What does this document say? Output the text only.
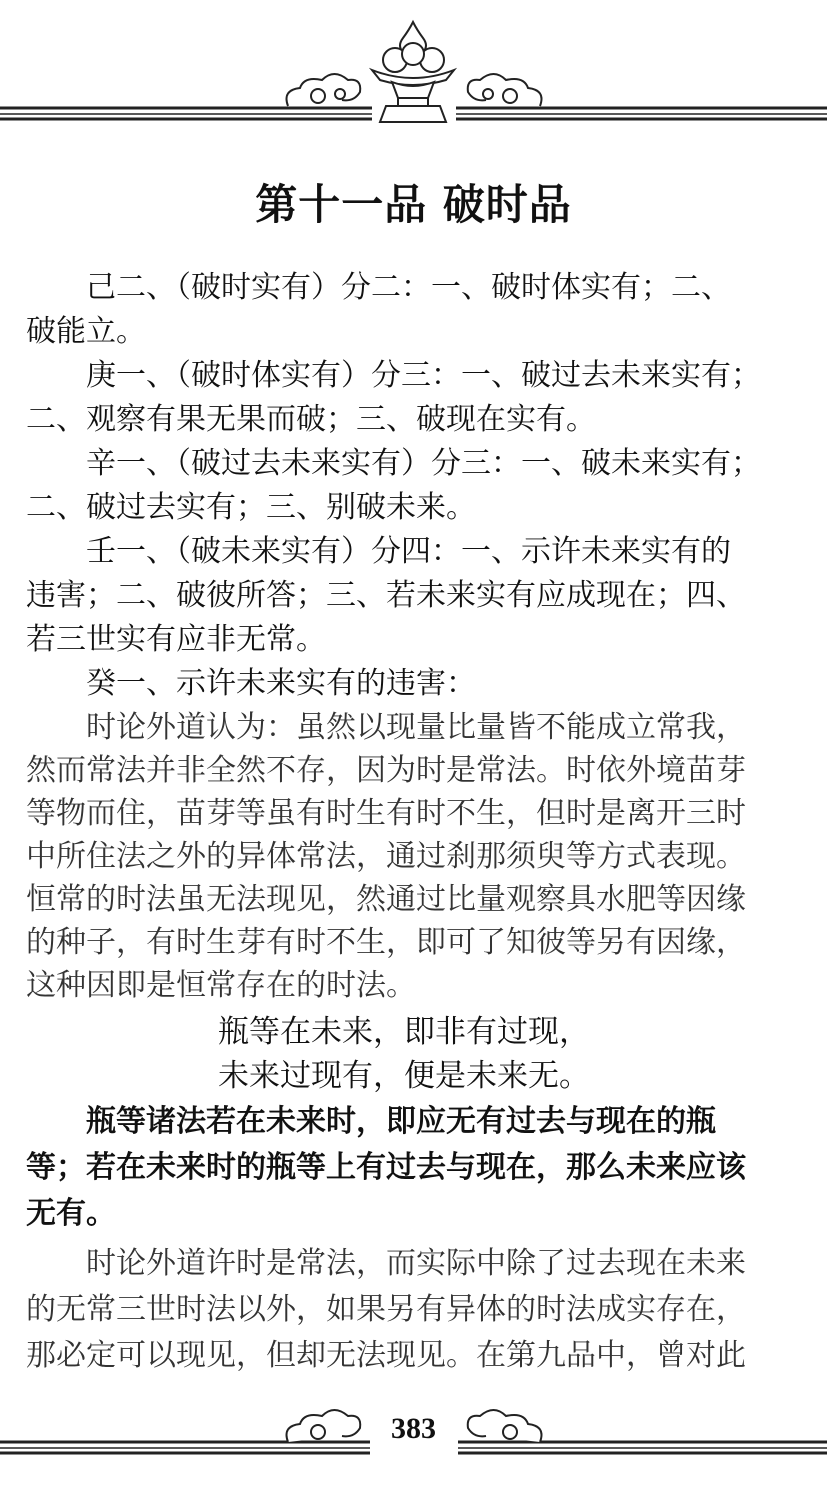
第十一品 破时品
　　己二、（破时实有）分二：一、破时体实有；二、
破能立。
　　庚一、（破时体实有）分三：一、破过去未来实有；
二、观察有果无果而破；三、破现在实有。
　　辛一、（破过去未来实有）分三：一、破未来实有；
二、破过去实有；三、别破未来。
　　壬一、（破未来实有）分四：一、示许未来实有的
违害；二、破彼所答；三、若未来实有应成现在；四、
若三世实有应非无常。
　　癸一、示许未来实有的违害：
　　时论外道认为：虽然以现量比量皆不能成立常我，
然而常法并非全然不存，因为时是常法。时依外境苗芽
等物而住，苗芽等虽有时生有时不生，但时是离开三时
中所住法之外的异体常法，通过刹那须臾等方式表现。
恒常的时法虽无法现见，然通过比量观察具水肥等因缘
的种子，有时生芽有时不生，即可了知彼等另有因缘，
这种因即是恒常存在的时法。
瓶等在未来，即非有过现，
未来过现有，便是未来无。
　　瓶等诸法若在未来时，即应无有过去与现在的瓶
等；若在未来时的瓶等上有过去与现在，那么未来应该
无有。
　　时论外道许时是常法，而实际中除了过去现在未来
的无常三世时法以外，如果另有异体的时法成实存在，
那必定可以现见，但却无法现见。在第九品中，曾对此
383
